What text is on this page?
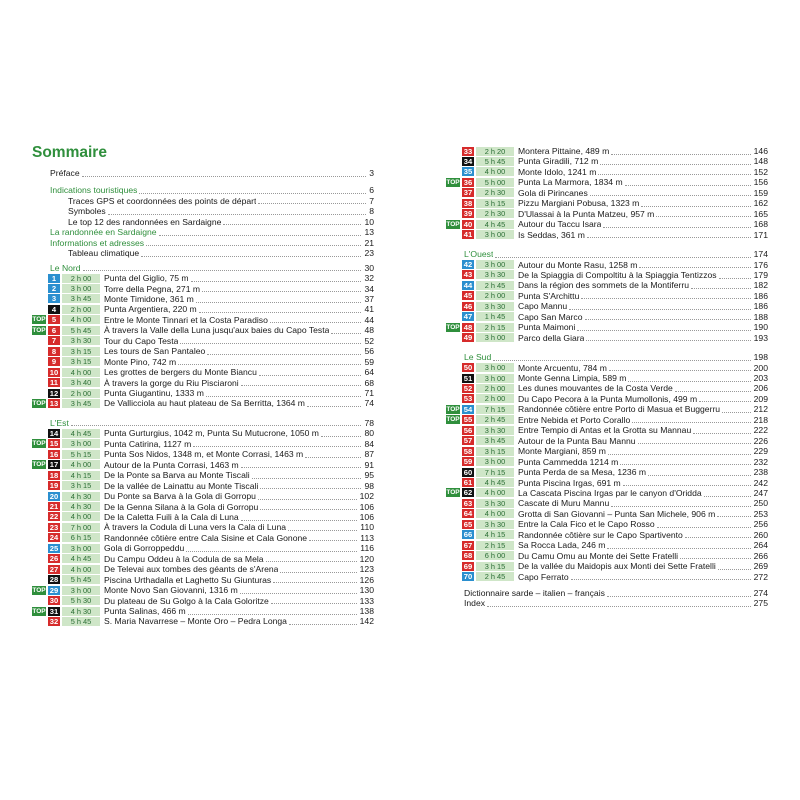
Sommaire
Préface	3
Indications touristiques	6
Traces GPS et coordonnées des points de départ	7
Symboles	8
Le top 12 des randonnées en Sardaigne	10
La randonnée en Sardaigne	13
Informations et adresses	21
Tableau climatique	23
Le Nord	30
1	2 h 00	Punta del Giglio, 75 m	32
2	3 h 00	Torre della Pegna, 271 m	34
3	3 h 45	Monte Timidone, 361 m	37
4	2 h 00	Punta Argentiera, 220 m	41
TOP 5	4 h 00	Entre le Monte Tinnari et la Costa Paradiso	44
TOP 6	5 h 45	À travers la Valle della Luna jusqu'aux baies du Capo Testa	48
7	3 h 30	Tour du Capo Testa	52
8	3 h 15	Les tours de San Pantaleo	56
9	3 h 15	Monte Pino, 742 m	59
10	4 h 00	Les grottes de bergers du Monte Biancu	64
11	3 h 40	À travers la gorge du Riu Pisciaroni	68
12	2 h 00	Punta Giugantinu, 1333 m	71
TOP 13	3 h 45	De Vallicciola au haut plateau de Sa Berritta, 1364 m	74
L'Est	78
14	4 h 45	Punta Gurturgius, 1042 m, Punta Su Mutucrone, 1050 m	80
TOP 15	3 h 00	Punta Catirina, 1127 m	84
16	5 h 15	Punta Sos Nidos, 1348 m, et Monte Corrasi, 1463 m	87
TOP 17	4 h 00	Autour de la Punta Corrasi, 1463 m	91
18	4 h 15	De la Ponte sa Barva au Monte Tiscali	95
19	3 h 15	De la vallée de Lainattu au Monte Tiscali	98
20	4 h 30	Du Ponte sa Barva à la Gola di Gorropu	102
21	4 h 30	De la Genna Silana à la Gola di Gorropu	106
22	4 h 00	De la Caletta Fuili à la Cala di Luna	106
23	7 h 00	À travers la Codula di Luna vers la Cala di Luna	110
24	6 h 15	Randonnée côtière entre Cala Sisine et Cala Gonone	113
25	3 h 00	Gola di Gorroppeddu	116
26	4 h 45	Du Campu Oddeu à la Codula de sa Mela	120
27	4 h 00	De Televai aux tombes des géants de s'Arena	123
28	5 h 45	Piscina Urthadalla et Laghetto Su Giunturas	126
TOP 29	3 h 00	Monte Novo San Giovanni, 1316 m	130
30	5 h 30	Du plateau de Su Golgo à la Cala Goloritze	133
TOP 31	4 h 30	Punta Salinas, 466 m	138
32	5 h 45	S. Maria Navarrese – Monte Oro – Pedra Longa	142
33	2 h 20	Montera Pittaine, 489 m	146
34	5 h 45	Punta Giradili, 712 m	148
35	4 h 00	Monte Idolo, 1241 m	152
TOP 36	5 h 00	Punta La Marmora, 1834 m	156
37	2 h 30	Gola di Pirincanes	159
38	3 h 15	Pizzu Margiani Pobusa, 1323 m	162
39	2 h 30	D'Ulassai à la Punta Matzeu, 957 m	165
TOP 40	4 h 45	Autour du Taccu Isara	168
41	3 h 00	Is Seddas, 361 m	171
L'Ouest	174
42	3 h 00	Autour du Monte Rasu, 1258 m	176
43	3 h 30	De la Spiaggia di Compoltitu à la Spiaggia Tentizzos	179
44	2 h 45	Dans la région des sommets de la Montiferru	182
45	2 h 00	Punta S'Archittu	186
46	3 h 30	Capo Mannu	186
47	1 h 45	Capo San Marco	188
TOP 48	2 h 15	Punta Maimoni	190
49	3 h 00	Parco della Giara	193
Le Sud	198
50	3 h 00	Monte Arcuentu, 784 m	200
51	3 h 00	Monte Genna Limpia, 589 m	203
52	2 h 00	Les dunes mouvantes de la Costa Verde	206
53	2 h 00	Du Capo Pecora à la Punta Mumollonis, 499 m	209
TOP 54	7 h 15	Randonnée côtière entre Porto di Masua et Buggerru	212
TOP 55	2 h 45	Entre Nebida et Porto Corallo	218
56	3 h 30	Entre Tempio di Antas et la Grotta su Mannau	222
57	3 h 45	Autour de la Punta Bau Mannu	226
58	3 h 15	Monte Margiani, 859 m	229
59	3 h 00	Punta Cammedda 1214 m	232
60	7 h 15	Punta Perda de sa Mesa, 1236 m	238
61	4 h 45	Punta Piscina Irgas, 691 m	242
TOP 62	4 h 00	La Cascata Piscina Irgas par le canyon d'Oridda	247
63	3 h 30	Cascate di Muru Mannu	250
64	4 h 00	Grotta di San Giovanni – Punta San Michele, 906 m	253
65	3 h 30	Entre la Cala Fico et le Capo Rosso	256
66	4 h 15	Randonnée côtière sur le Capo Spartivento	260
67	2 h 15	Sa Rocca Lada, 246 m	264
68	6 h 00	Du Camu Omu au Monte dei Sette Fratelli	266
69	3 h 15	De la vallée du Maidopis aux Monti dei Sette Fratelli	269
70	2 h 45	Capo Ferrato	272
Dictionnaire sarde – italien – français	274
Index	275
